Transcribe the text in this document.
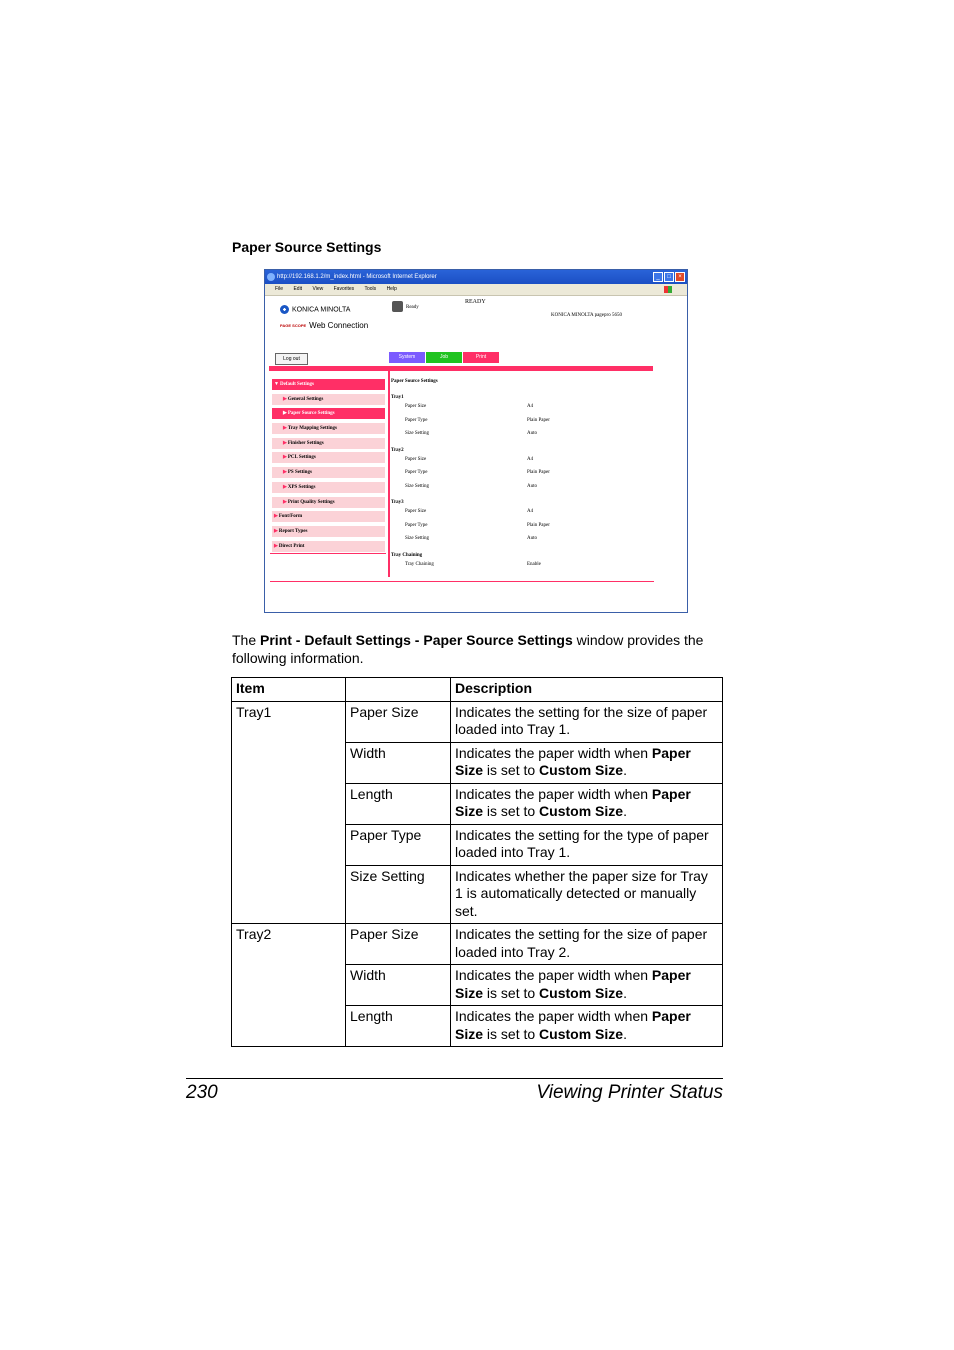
Paper Source Settings
http://192.168.1.2/m_index.html - Microsoft Internet Explorer	_	□	×
File Edit View Favorites Tools Help
KONICA MINOLTA
PAGE SCOPE Web Connection
Ready
READY
KONICA MINOLTA pagepro 5650
Log out	System	Job	Print
▼Default Settings
▶General Settings
▶Paper Source Settings
▶Tray Mapping Settings
▶Finisher Settings
▶PCL Settings
▶PS Settings
▶XPS Settings
▶Print Quality Settings
▶Font/Form
▶Report Types
▶Direct Print
Paper Source Settings
Tray1
Paper Size	A4
Paper Type	Plain Paper
Size Setting	Auto
Tray2
Paper Size	A4
Paper Type	Plain Paper
Size Setting	Auto
Tray3
Paper Size	A4
Paper Type	Plain Paper
Size Setting	Auto
Tray Chaining
Tray Chaining	Enable
The Print - Default Settings - Paper Source Settings window provides the following information.
Item		Description
Tray1	Paper Size	Indicates the setting for the size of paper loaded into Tray 1.
	Width	Indicates the paper width when Paper Size is set to Custom Size.
	Length	Indicates the paper width when Paper Size is set to Custom Size.
	Paper Type	Indicates the setting for the type of paper loaded into Tray 1.
	Size Setting	Indicates whether the paper size for Tray 1 is automatically detected or manually set.
Tray2	Paper Size	Indicates the setting for the size of paper loaded into Tray 2.
	Width	Indicates the paper width when Paper Size is set to Custom Size.
	Length	Indicates the paper width when Paper Size is set to Custom Size.
230	Viewing Printer Status
